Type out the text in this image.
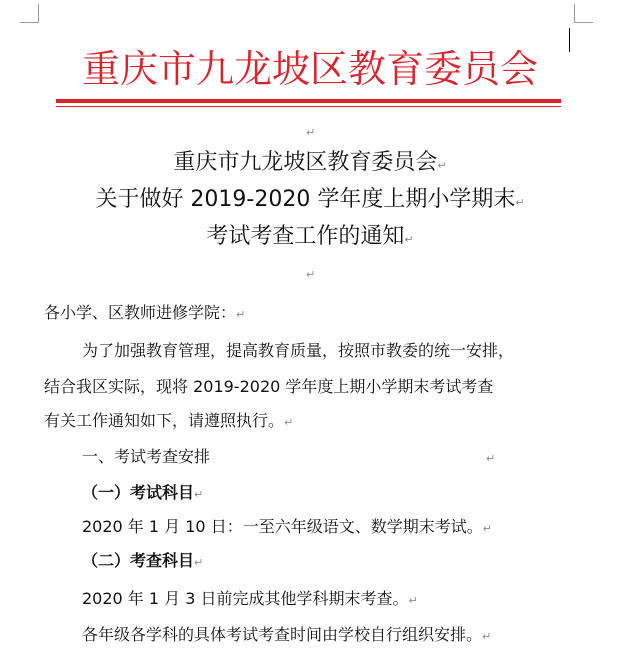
重庆市九龙坡区教育委员会
↵
重庆市九龙坡区教育委员会↵
关于做好 2019-2020 学年度上期小学期末↵
考试考查工作的通知↵
↵
各小学、区教师进修学院：↵
为了加强教育管理，提高教育质量，按照市教委的统一安排，
结合我区实际，现将 2019-2020 学年度上期小学期末考试考查
有关工作通知如下，请遵照执行。↵
一、考试考查安排	↵
（一）考试科目↵
2020 年 1 月 10 日：一至六年级语文、数学期末考试。↵
（二）考查科目↵
2020 年 1 月 3 日前完成其他学科期末考查。↵
各年级各学科的具体考试考查时间由学校自行组织安排。↵
